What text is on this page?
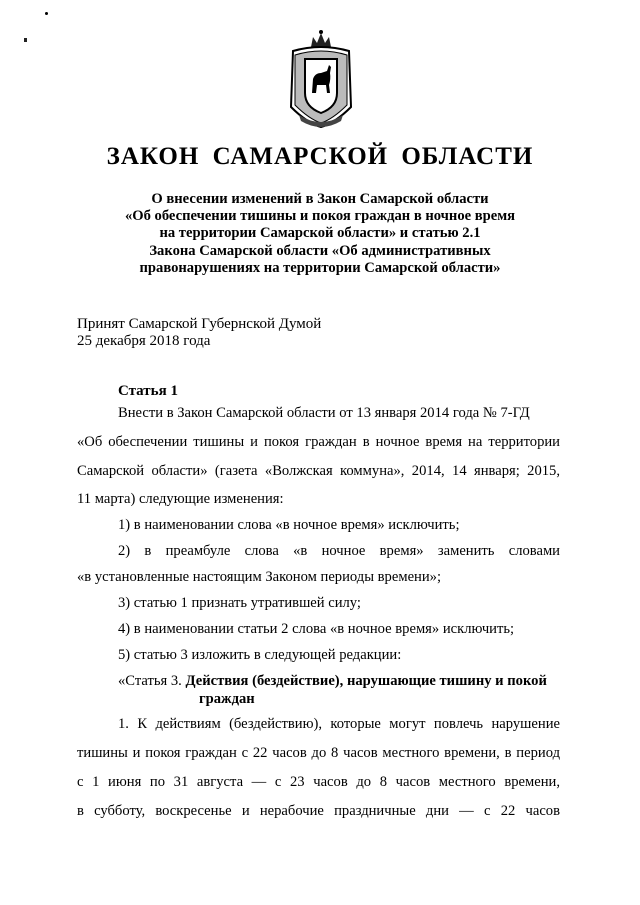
ЗАКОН САМАРСКОЙ ОБЛАСТИ
О внесении изменений в Закон Самарской области
«Об обеспечении тишины и покоя граждан в ночное время
на территории Самарской области» и статью 2.1
Закона Самарской области «Об административных
правонарушениях на территории Самарской области»
Принят Самарской Губернской Думой
25 декабря 2018 года
Статья 1
Внести в Закон Самарской области от 13 января 2014 года № 7-ГД
«Об обеспечении тишины и покоя граждан в ночное время на территории
Самарской области» (газета «Волжская коммуна», 2014, 14 января; 2015,
11 марта) следующие изменения:
1) в наименовании слова «в ночное время» исключить;
2) в преамбуле слова «в ночное время» заменить словами
«в установленные настоящим Законом периоды времени»;
3) статью 1 признать утратившей силу;
4) в наименовании статьи 2 слова «в ночное время» исключить;
5) статью 3 изложить в следующей редакции:
«Статья 3. Действия (бездействие), нарушающие тишину и покой
граждан
1. К действиям (бездействию), которые могут повлечь нарушение
тишины и покоя граждан с 22 часов до 8 часов местного времени, в период
с 1 июня по 31 августа — с 23 часов до 8 часов местного времени,
в субботу, воскресенье и нерабочие праздничные дни — с 22 часов
